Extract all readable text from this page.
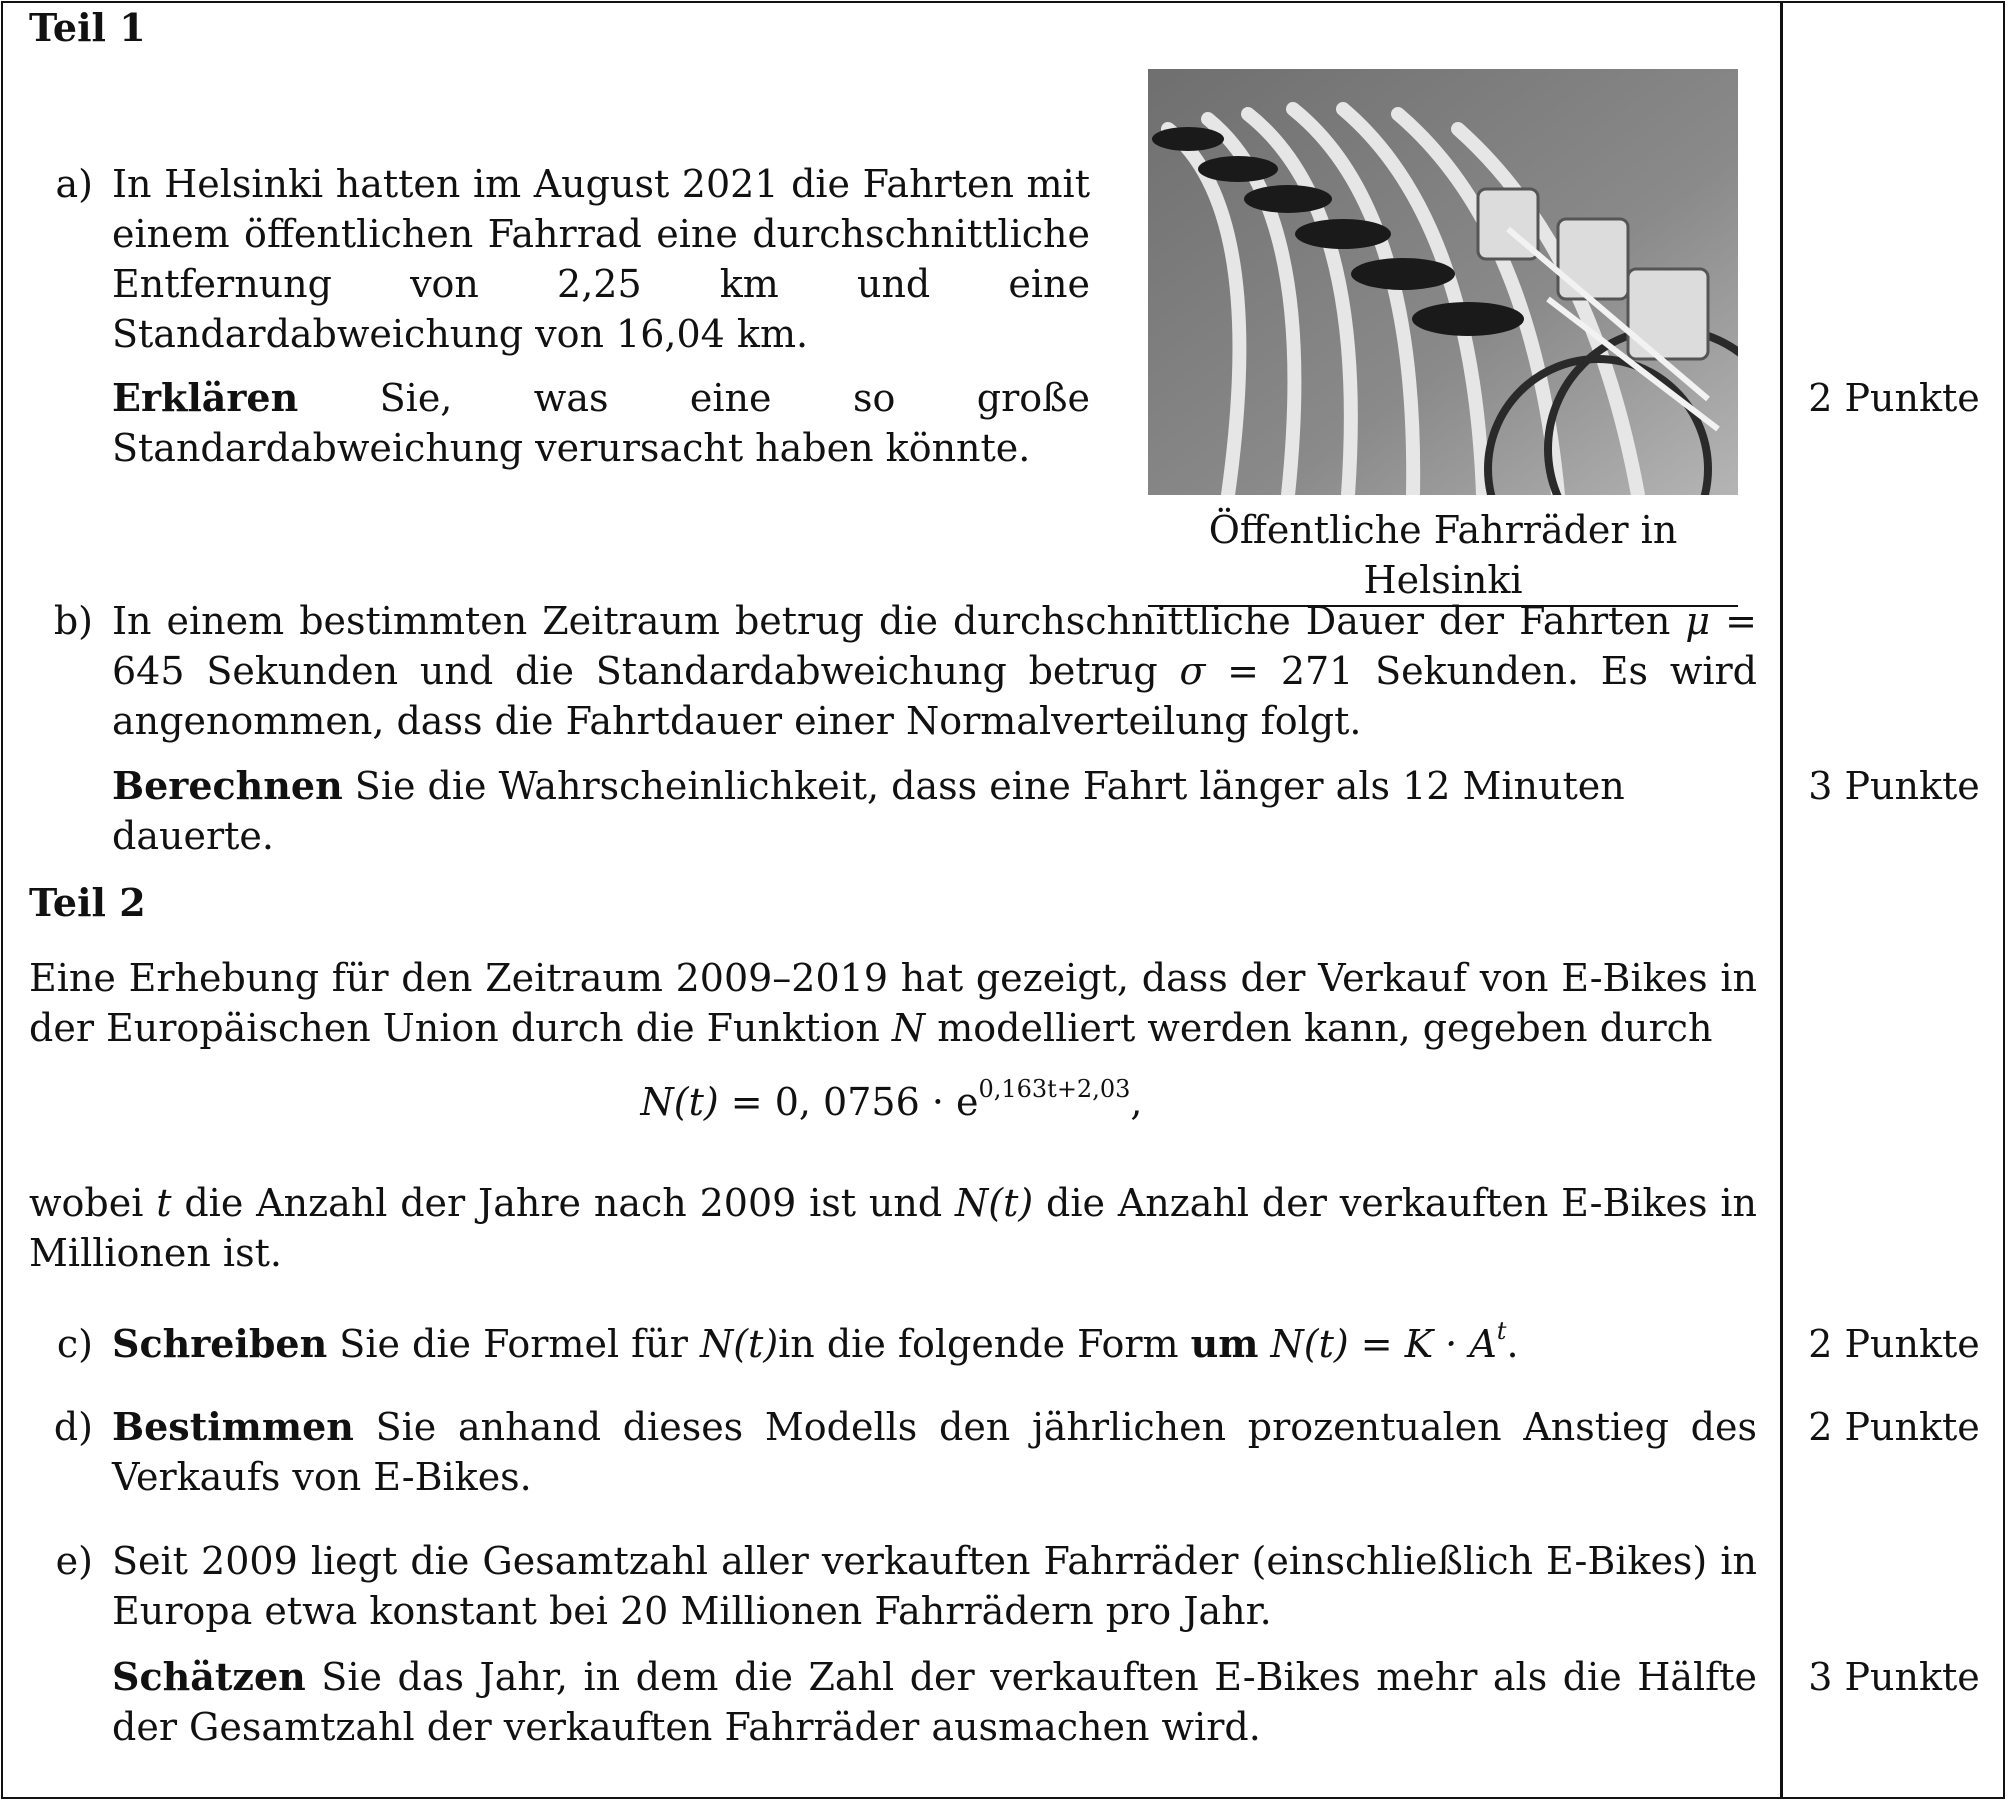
Teil 1
a) In Helsinki hatten im August 2021 die Fahrten mit einem öffentlichen Fahrrad eine durchschnittliche Entfernung von 2,25 km und eine Standardabweichung von 16,04 km.
Erklären Sie, was eine so große Standardabweichung verursacht haben könnte.
2 Punkte
Öffentliche Fahrräder in Helsinki
b) In einem bestimmten Zeitraum betrug die durchschnittliche Dauer der Fahrten μ = 645 Sekunden und die Standardabweichung betrug σ = 271 Sekunden. Es wird angenommen, dass die Fahrtdauer einer Normalverteilung folgt.
Berechnen Sie die Wahrscheinlichkeit, dass eine Fahrt länger als 12 Minuten dauerte.
3 Punkte
Teil 2
Eine Erhebung für den Zeitraum 2009–2019 hat gezeigt, dass der Verkauf von E-Bikes in der Europäischen Union durch die Funktion N modelliert werden kann, gegeben durch
N(t) = 0, $0756 \cdot e^{0,163t+2,03}$,
wobei t die Anzahl der Jahre nach 2009 ist und N(t) die Anzahl der verkauften E-Bikes in Millionen ist.
c) Schreiben Sie die Formel für N(t)in die folgende Form um $N(t) = K \cdot A^t$.	2 Punkte
d) Bestimmen Sie anhand dieses Modells den jährlichen prozentualen Anstieg des Verkaufs von E-Bikes.
2 Punkte
e) Seit 2009 liegt die Gesamtzahl aller verkauften Fahrräder (einschließlich E-Bikes) in Europa etwa konstant bei 20 Millionen Fahrrädern pro Jahr.
Schätzen Sie das Jahr, in dem die Zahl der verkauften E-Bikes mehr als die Hälfte der Gesamtzahl der verkauften Fahrräder ausmachen wird.
3 Punkte
